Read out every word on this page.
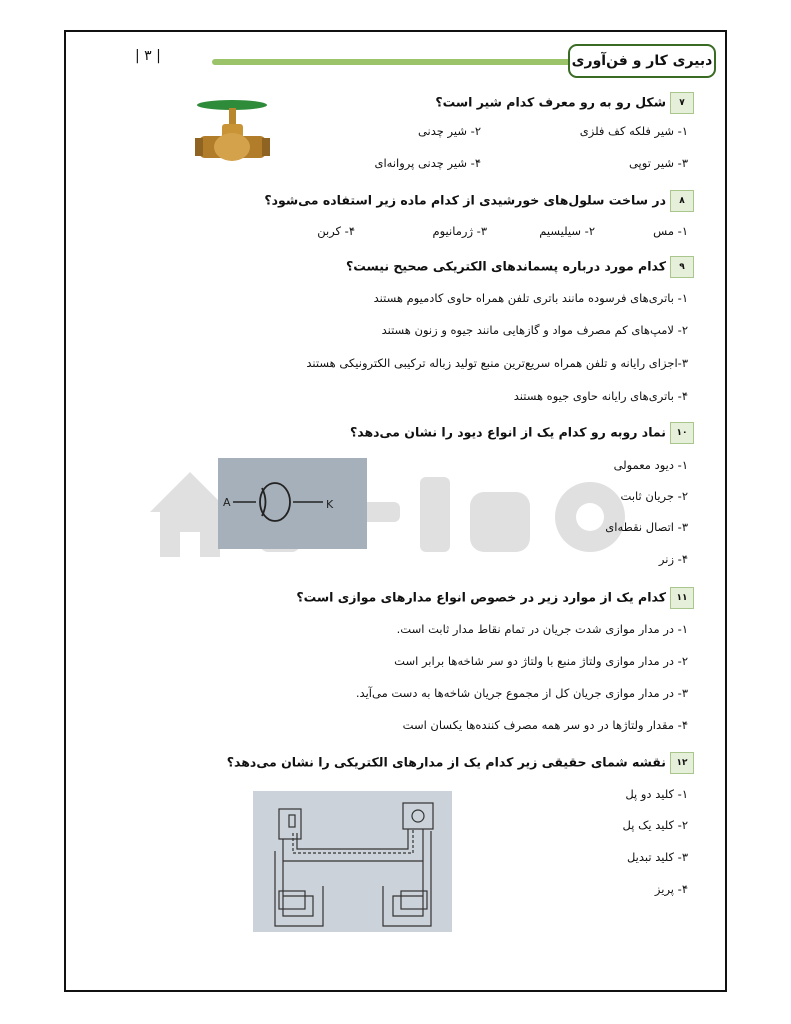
| ۳ |	دبیری کار و فن‌آوری
۷شکل رو به رو معرف کدام شیر است؟
۱- شیر فلکه کف فلزی
۲- شیر چدنی
۳- شیر توپی
۴- شیر چدنی پروانه‌ای
۸در ساخت سلول‌های خورشیدی از کدام ماده زیر استفاده می‌شود؟
۱- مس
۲- سیلیسیم
۳- ژرمانیوم
۴- کربن
۹کدام مورد درباره پسماندهای الکتریکی صحیح نیست؟
۱- باتری‌های فرسوده مانند باتری تلفن همراه حاوی کادمیوم هستند
۲- لامپ‌های کم مصرف مواد و گازهایی مانند جیوه و زنون هستند
۳-اجزای رایانه و تلفن همراه سریع‌ترین منبع تولید زباله ترکیبی الکترونیکی هستند
۴- باتری‌های رایانه حاوی جیوه هستند
۱۰نماد روبه رو کدام یک از انواع دیود را نشان می‌دهد؟
A	K
۱- دیود معمولی
۲- جریان ثابت
۳- اتصال نقطه‌ای
۴- زنر
۱۱کدام یک از موارد زیر در خصوص انواع مدارهای موازی است؟
۱- در مدار موازی شدت جریان در تمام نقاط مدار ثابت است.
۲- در مدار موازی ولتاژ منبع با ولتاژ دو سر شاخه‌ها برابر است
۳- در مدار موازی جریان کل از مجموع جریان شاخه‌ها به دست می‌آید.
۴- مقدار ولتاژها در دو سر همه مصرف کننده‌ها یکسان است
۱۲نقشه شمای حقیقی زیر کدام یک از مدارهای الکتریکی را نشان می‌دهد؟
۱- کلید دو پل
۲- کلید یک پل
۳- کلید تبدیل
۴- پریز
